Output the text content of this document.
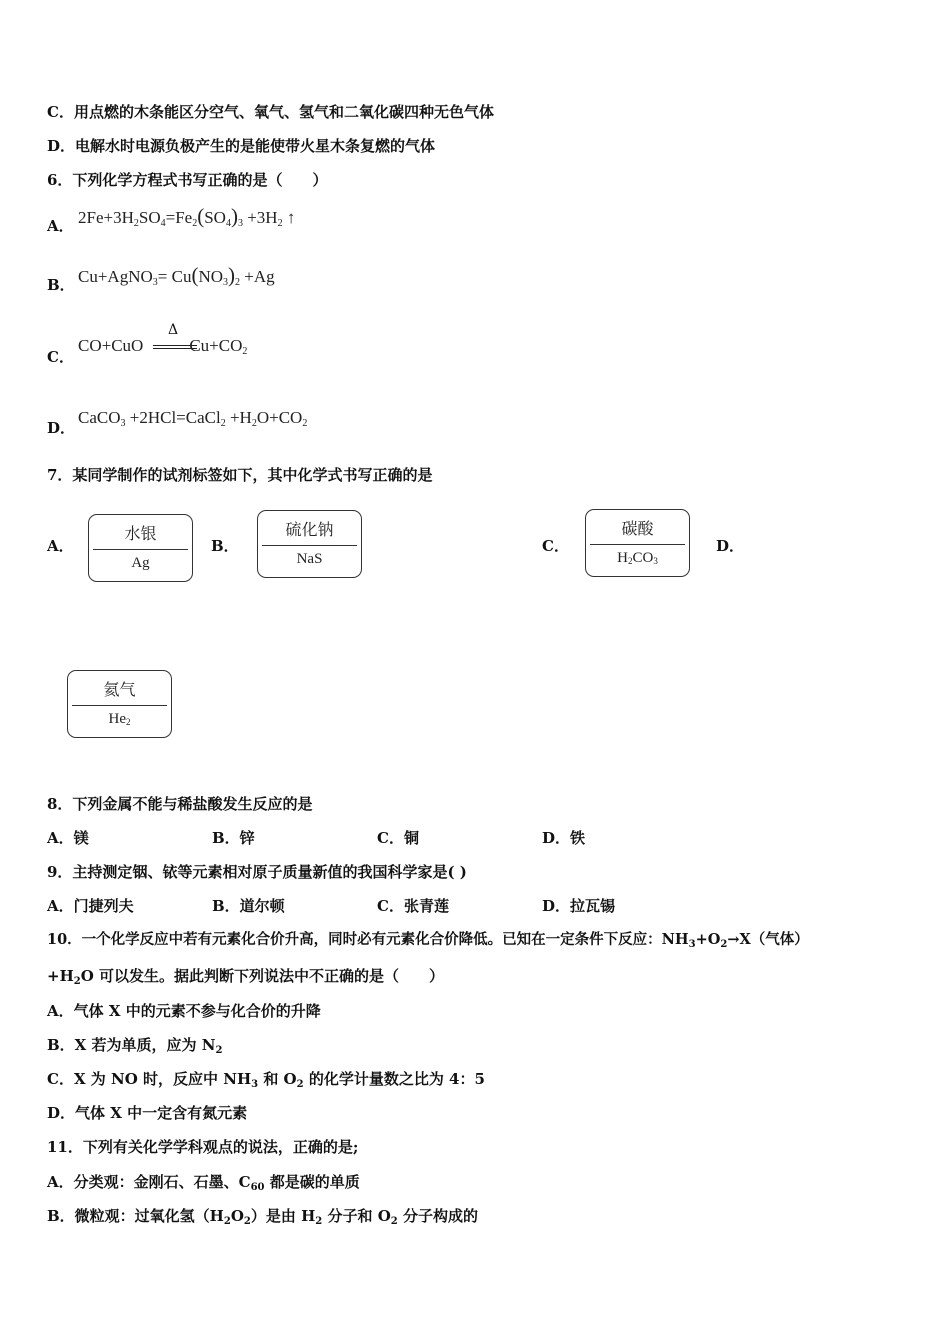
C．用点燃的木条能区分空气、氧气、氢气和二氧化碳四种无色气体
D．电解水时电源负极产生的是能使带火星木条复燃的气体
6．下列化学方程式书写正确的是（　　）
A． $2Fe+3H_2SO_4=Fe_2(SO_4)_3 +3H_2$ ↑
B． Cu+AgNO$_3$= $Cu(NO_3)_2 +Ag$
C．
CO+CuO	$Cu+CO_2$
Δ
D．
CaCO$_3$ +2HCl=CaCl$_2$ $+H_2O+CO_2$
7．某同学制作的试剂标签如下，其中化学式书写正确的是
A．
水银
Ag
B．
硫化钠
NaS
C．
碳酸
$H_2CO_3$
D．
氦气
$He_2$
8．下列金属不能与稀盐酸发生反应的是
A．镁	B．锌	C．铜	D．铁
9．主持测定铟、铱等元素相对原子质量新值的我国科学家是( )
A．门捷列夫	B．道尔顿	C．张青莲	D．拉瓦锡
10．一个化学反应中若有元素化合价升高，同时必有元素化合价降低。已知在一定条件下反应：$NH_3+O_2\to X$（气体）
$+H_2O$ 可以发生。据此判断下列说法中不正确的是（　　）
A．气体 X 中的元素不参与化合价的升降
B．X 若为单质，应为 $N_2$
C．X 为 NO 时，反应中 $NH_3$ 和 $O_2$ 的化学计量数之比为 4：5
D．气体 X 中一定含有氮元素
11．下列有关化学学科观点的说法，正确的是;
A．分类观：金刚石、石墨、$C_{60}$ 都是碳的单质
B．微粒观：过氧化氢$(H_2O_2)$是由 $H_2$ 分子和 $O_2$ 分子构成的
